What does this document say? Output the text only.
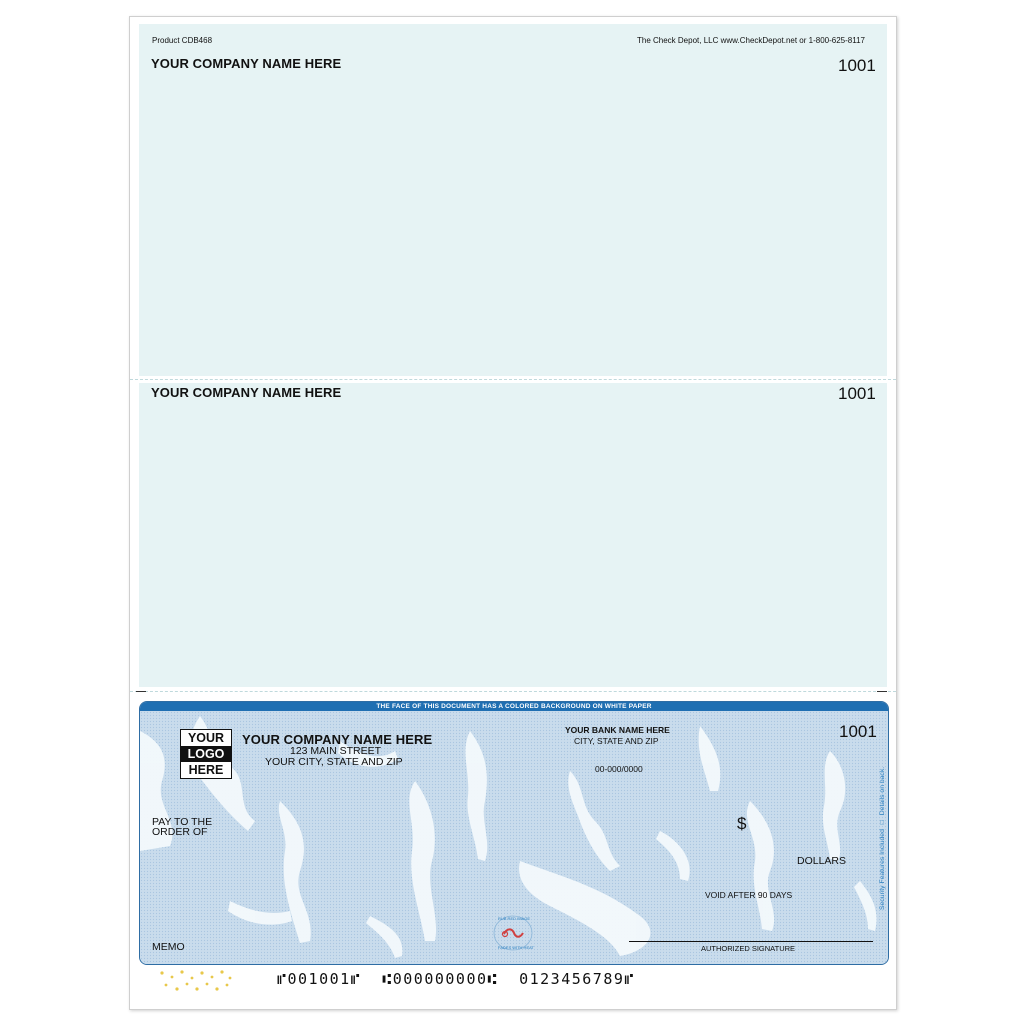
Product CDB468	The Check Depot, LLC www.CheckDepot.net or 1-800-625-8117
YOUR COMPANY NAME HERE	1001
YOUR COMPANY NAME HERE	1001
THE FACE OF THIS DOCUMENT HAS A COLORED BACKGROUND ON WHITE PAPER
YOUR
LOGO
HERE
YOUR COMPANY NAME HERE
123 MAIN STREET
YOUR CITY, STATE AND ZIP
YOUR BANK NAME HERE
CITY, STATE AND ZIP
00-000/0000
1001
PAY TO THE
ORDER OF	$
DOLLARS
VOID AFTER 90 DAYS
MEMO	AUTHORIZED SIGNATURE
Security Features Included □ Details on back.
RUB RED IMAGE
FADES WITH HEAT
⑈001001⑈  ⑆000000000⑆  0123456789⑈
